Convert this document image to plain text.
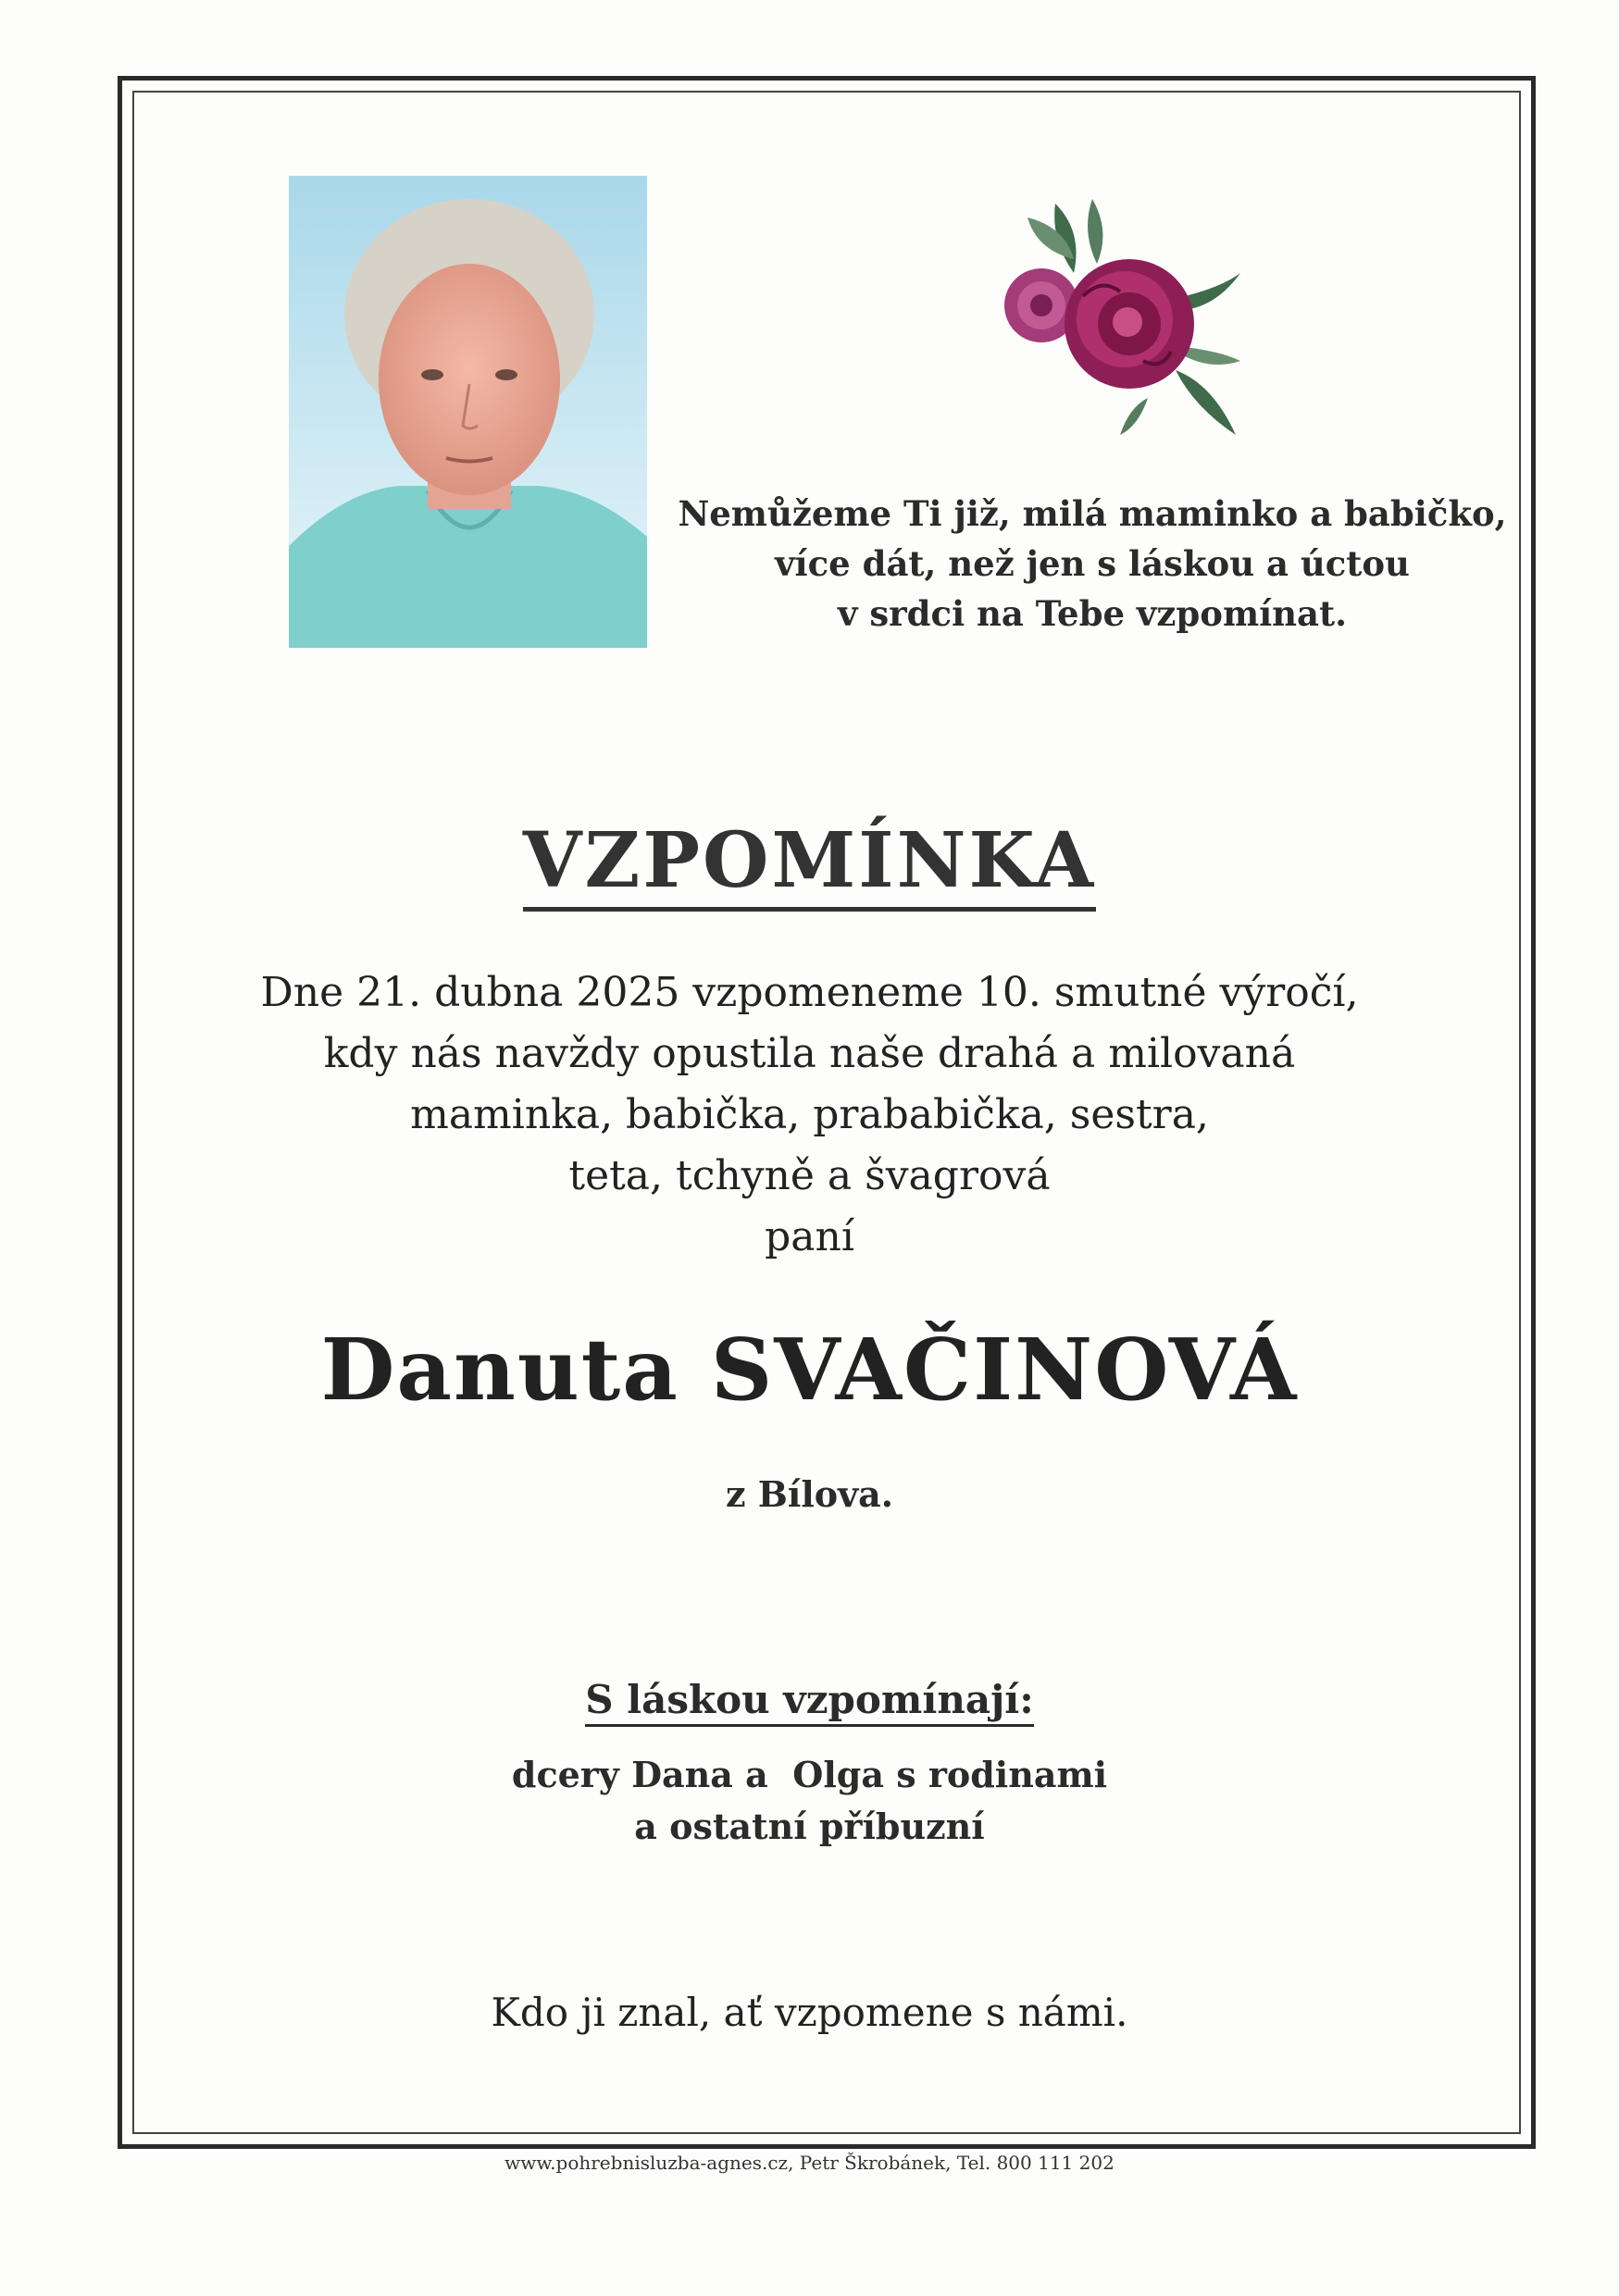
Nemůžeme Ti již, milá maminko a babičko,
více dát, než jen s láskou a úctou
v srdci na Tebe vzpomínat.
VZPOMÍNKA
Dne 21. dubna 2025 vzpomeneme 10. smutné výročí,
kdy nás navždy opustila naše drahá a milovaná
maminka, babička, prababička, sestra,
teta, tchyně a švagrová
paní
Danuta SVAČINOVÁ
z Bílova.
S láskou vzpomínají:
dcery Dana a  Olga s rodinami
a ostatní příbuzní
Kdo ji znal, ať vzpomene s námi.
www.pohrebnisluzba-agnes.cz, Petr Škrobánek, Tel. 800 111 202
